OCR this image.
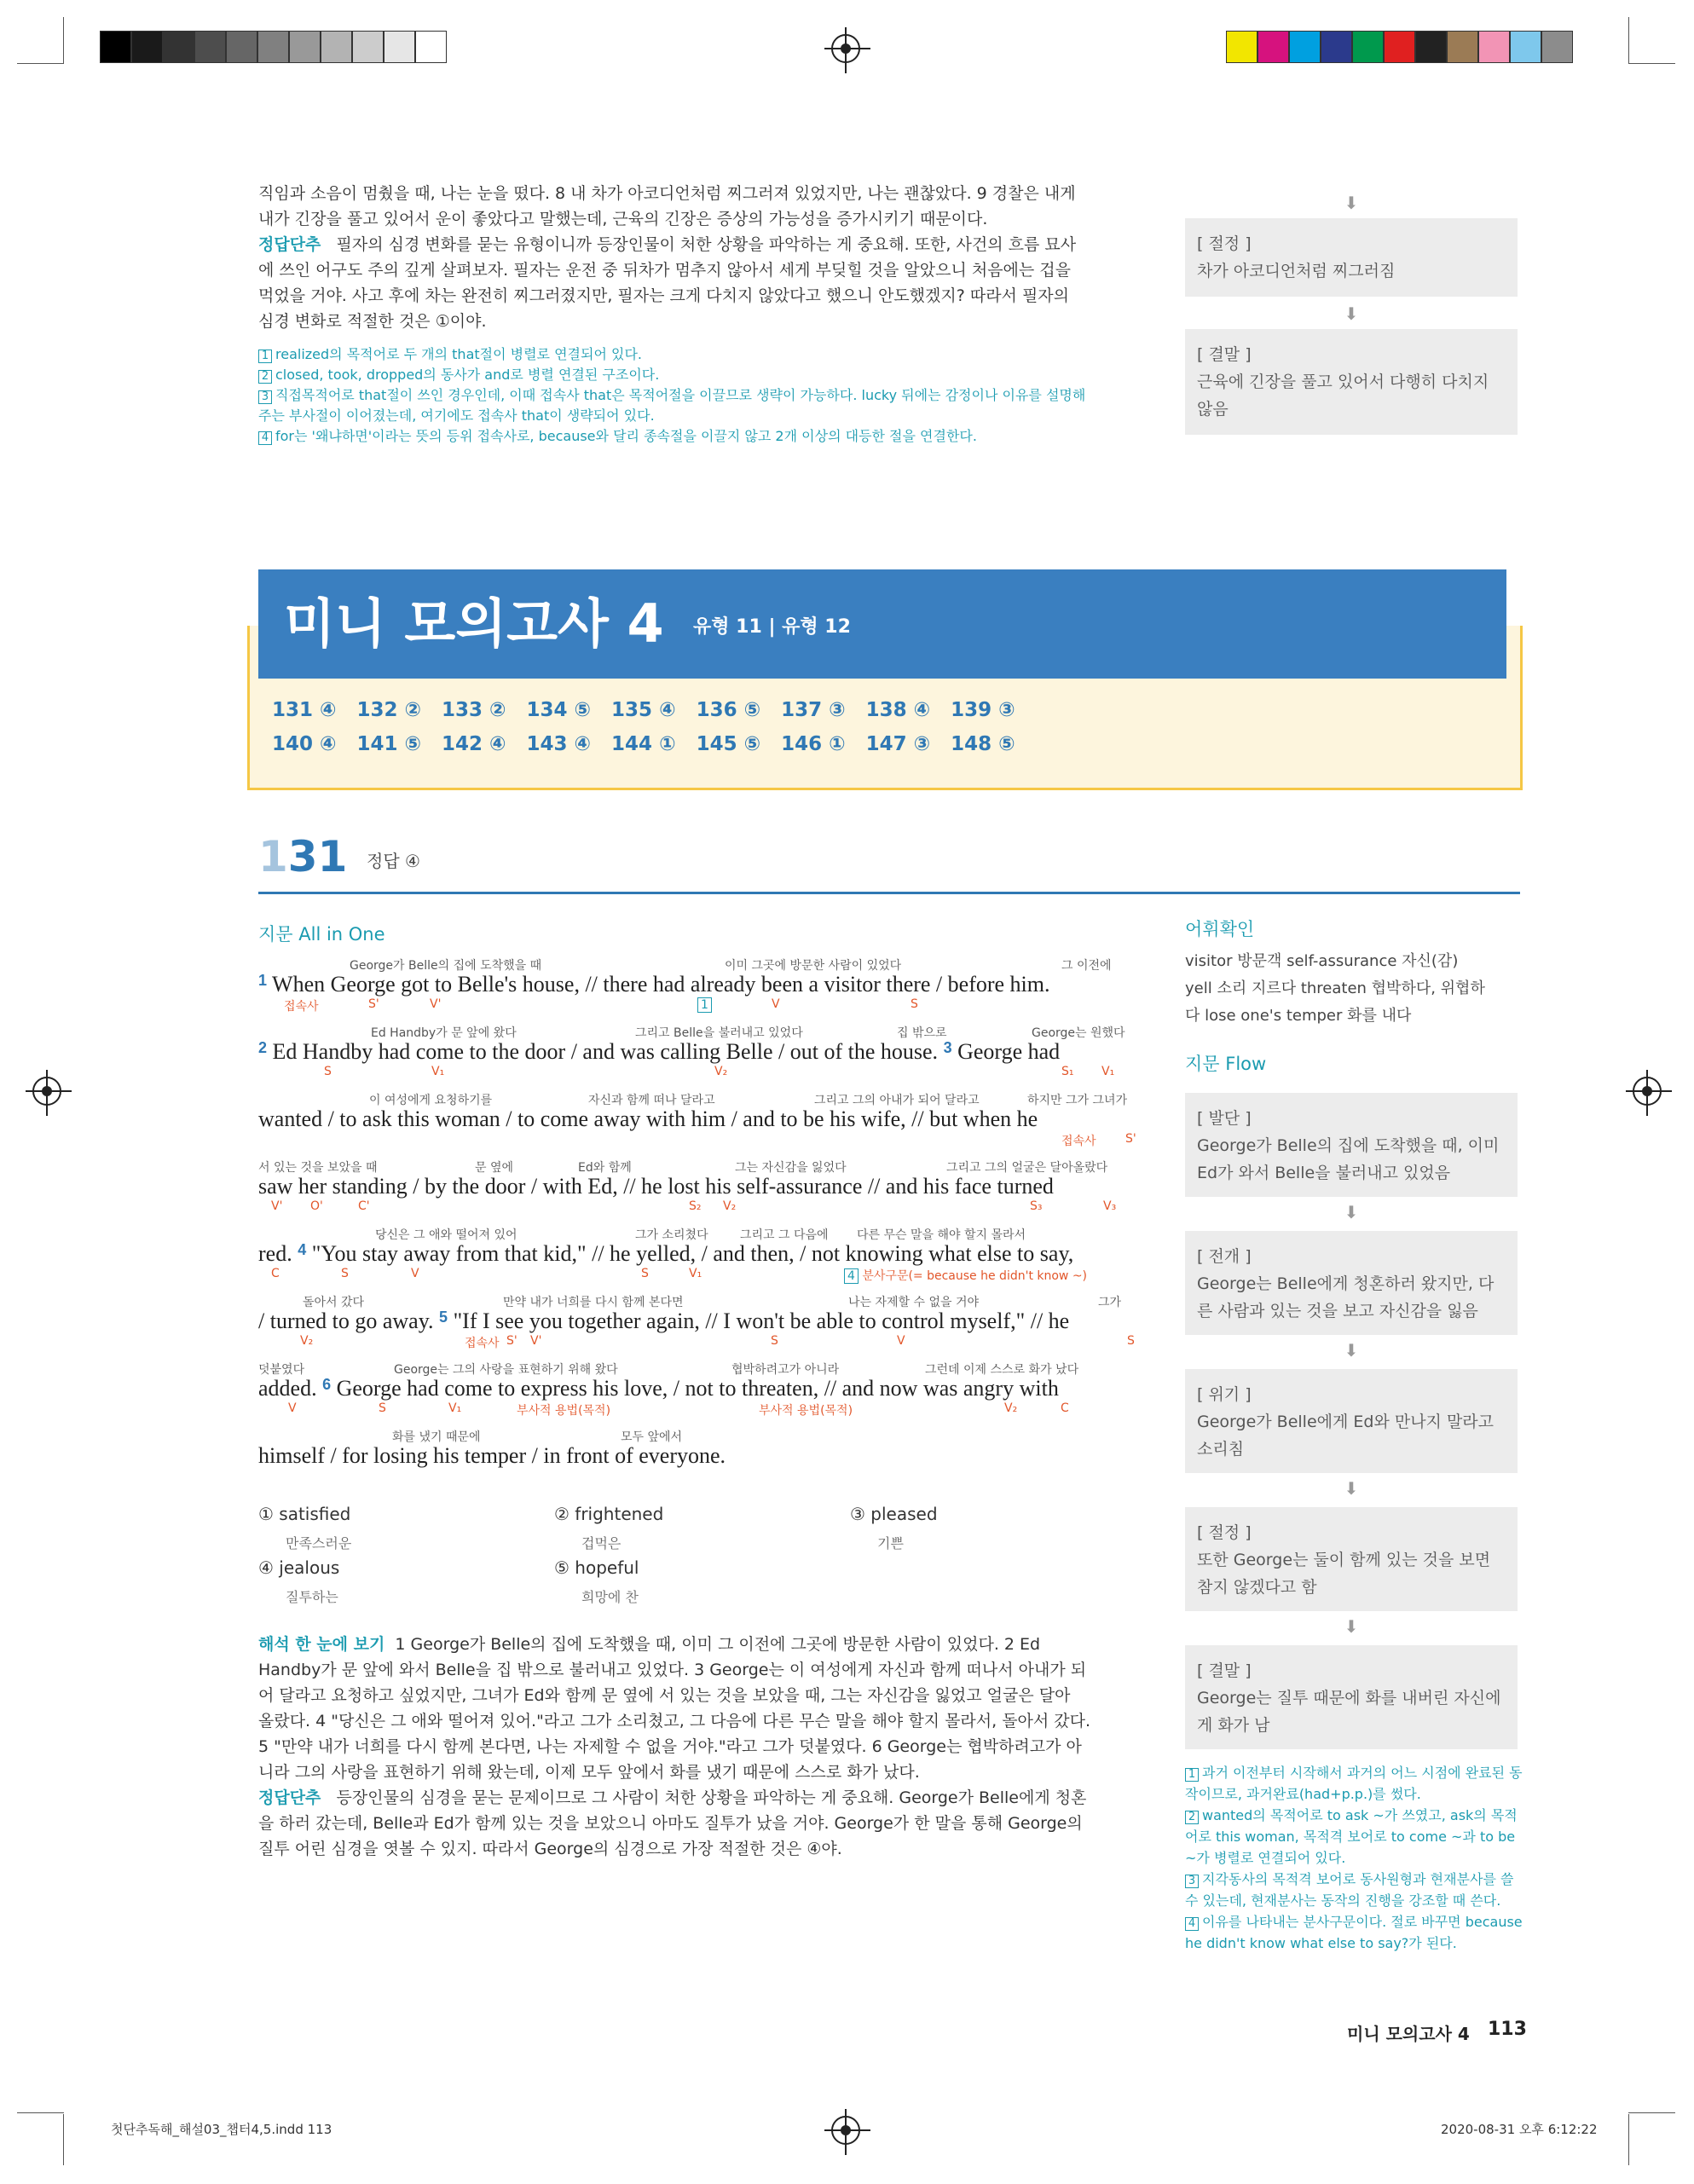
직임과 소음이 멈췄을 때, 나는 눈을 떴다. 8 내 차가 아코디언처럼 찌그러져 있었지만, 나는 괜찮았다. 9 경찰은 내게
내가 긴장을 풀고 있어서 운이 좋았다고 말했는데, 근육의 긴장은 증상의 가능성을 증가시키기 때문이다.
정답단추 필자의 심경 변화를 묻는 유형이니까 등장인물이 처한 상황을 파악하는 게 중요해. 또한, 사건의 흐름 묘사
에 쓰인 어구도 주의 깊게 살펴보자. 필자는 운전 중 뒤차가 멈추지 않아서 세게 부딪힐 것을 알았으니 처음에는 겁을
먹었을 거야. 사고 후에 차는 완전히 찌그러졌지만, 필자는 크게 다치지 않았다고 했으니 안도했겠지? 따라서 필자의
심경 변화로 적절한 것은 ①이야.
1 realized의 목적어로 두 개의 that절이 병렬로 연결되어 있다.
2 closed, took, dropped의 동사가 and로 병렬 연결된 구조이다.
3 직접목적어로 that절이 쓰인 경우인데, 이때 접속사 that은 목적어절을 이끌므로 생략이 가능하다. lucky 뒤에는 감정이나 이유를 설명해
주는 부사절이 이어졌는데, 여기에도 접속사 that이 생략되어 있다.
4 for는 '왜냐하면'이라는 뜻의 등위 접속사로, because와 달리 종속절을 이끌지 않고 2개 이상의 대등한 절을 연결한다.
⬇
[ 절정 ]
차가 아코디언처럼 찌그러짐
⬇
[ 결말 ]
근육에 긴장을 풀고 있어서 다행히 다치지 않음
131 ④   132 ②   133 ②   134 ⑤   135 ④   136 ⑤   137 ③   138 ④   139 ③
140 ④   141 ⑤   142 ④   143 ④   144 ①   145 ⑤   146 ①   147 ③   148 ⑤
미니 모의고사 4 유형 11 | 유형 12
131 정답 ④
지문 All in One
George가 Belle의 집에 도착했을 때	이미 그곳에 방문한 사람이 있었다	그 이전에
$^1$ When George got to Belle's house, // there had already been a visitor there / before him.
접속사	S'	V'	1	V	S
Ed Handby가 문 앞에 왔다	그리고 Belle을 불러내고 있었다	집 밖으로	George는 원했다
$^2$ Ed Handby had come to the door / and was calling Belle / out of the house. $^3$ George had
S	V₁	V₂	S₁ V₁
이 여성에게 요청하기를	자신과 함께 떠나 달라고	그리고 그의 아내가 되어 달라고	하지만 그가 그녀가
wanted / to ask this woman / to come away with him / and to be his wife, // but when he
접속사 S'
서 있는 것을 보았을 때	문 옆에	Ed와 함께	그는 자신감을 잃었다	그리고 그의 얼굴은 달아올랐다
saw her standing / by the door / with Ed, // he lost his self-assurance // and his face turned
V' O'	C'	S₂ V₂	S₃	V₃
당신은 그 애와 떨어져 있어	그가 소리쳤다	그리고 그 다음에 다른 무슨 말을 해야 할지 몰라서
red. $^4$ "You stay away from that kid," // he yelled, / and then, / not knowing what else to say,
C	S	V	S	V₁	4 분사구문(= because he didn't know ~)
돌아서 갔다	만약 내가 너희를 다시 함께 본다면	나는 자제할 수 없을 거야	그가
/ turned to go away. $^5$ "If I see you together again, // I won't be able to control myself," // he
V₂	접속사 S' V'	S	V	S
덧붙였다	George는 그의 사랑을 표현하기 위해 왔다	협박하려고가 아니라	그런데 이제 스스로 화가 났다
added. $^6$ George had come to express his love, / not to threaten, // and now was angry with
V	S	V₁	부사적 용법(목적)	부사적 용법(목적)	V₂	C
화를 냈기 때문에	모두 앞에서
himself / for losing his temper / in front of everyone.
① satisfied
만족스러운
② frightened
겁먹은
③ pleased
기쁜
④ jealous
질투하는
⑤ hopeful
희망에 찬
해석 한 눈에 보기 1 George가 Belle의 집에 도착했을 때, 이미 그 이전에 그곳에 방문한 사람이 있었다. 2 Ed
Handby가 문 앞에 와서 Belle을 집 밖으로 불러내고 있었다. 3 George는 이 여성에게 자신과 함께 떠나서 아내가 되
어 달라고 요청하고 싶었지만, 그녀가 Ed와 함께 문 옆에 서 있는 것을 보았을 때, 그는 자신감을 잃었고 얼굴은 달아
올랐다. 4 "당신은 그 애와 떨어져 있어."라고 그가 소리쳤고, 그 다음에 다른 무슨 말을 해야 할지 몰라서, 돌아서 갔다.
5 "만약 내가 너희를 다시 함께 본다면, 나는 자제할 수 없을 거야."라고 그가 덧붙였다. 6 George는 협박하려고가 아
니라 그의 사랑을 표현하기 위해 왔는데, 이제 모두 앞에서 화를 냈기 때문에 스스로 화가 났다.
정답단추 등장인물의 심경을 묻는 문제이므로 그 사람이 처한 상황을 파악하는 게 중요해. George가 Belle에게 청혼
을 하러 갔는데, Belle과 Ed가 함께 있는 것을 보았으니 아마도 질투가 났을 거야. George가 한 말을 통해 George의
질투 어린 심경을 엿볼 수 있지. 따라서 George의 심경으로 가장 적절한 것은 ④야.
어휘확인
visitor 방문객 self-assurance 자신(감)
yell 소리 지르다 threaten 협박하다, 위협하
다 lose one's temper 화를 내다
지문 Flow
[ 발단 ]
George가 Belle의 집에 도착했을 때, 이미 Ed가 와서 Belle을 불러내고 있었음
⬇
[ 전개 ]
George는 Belle에게 청혼하러 왔지만, 다른 사람과 있는 것을 보고 자신감을 잃음
⬇
[ 위기 ]
George가 Belle에게 Ed와 만나지 말라고 소리침
⬇
[ 절정 ]
또한 George는 둘이 함께 있는 것을 보면 참지 않겠다고 함
⬇
[ 결말 ]
George는 질투 때문에 화를 내버린 자신에게 화가 남
1 과거 이전부터 시작해서 과거의 어느 시점에 완료된 동작이므로, 과거완료(had+p.p.)를 썼다.
2 wanted의 목적어로 to ask ~가 쓰였고, ask의 목적어로 this woman, 목적격 보어로 to come ~과 to be ~가 병렬로 연결되어 있다.
3 지각동사의 목적격 보어로 동사원형과 현재분사를 쓸 수 있는데, 현재분사는 동작의 진행을 강조할 때 쓴다.
4 이유를 나타내는 분사구문이다. 절로 바꾸면 because he didn't know what else to say?가 된다.
미니 모의고사 4 113
첫단추독해_해설03_챕터4,5.indd 113	2020-08-31 오후 6:12:22
